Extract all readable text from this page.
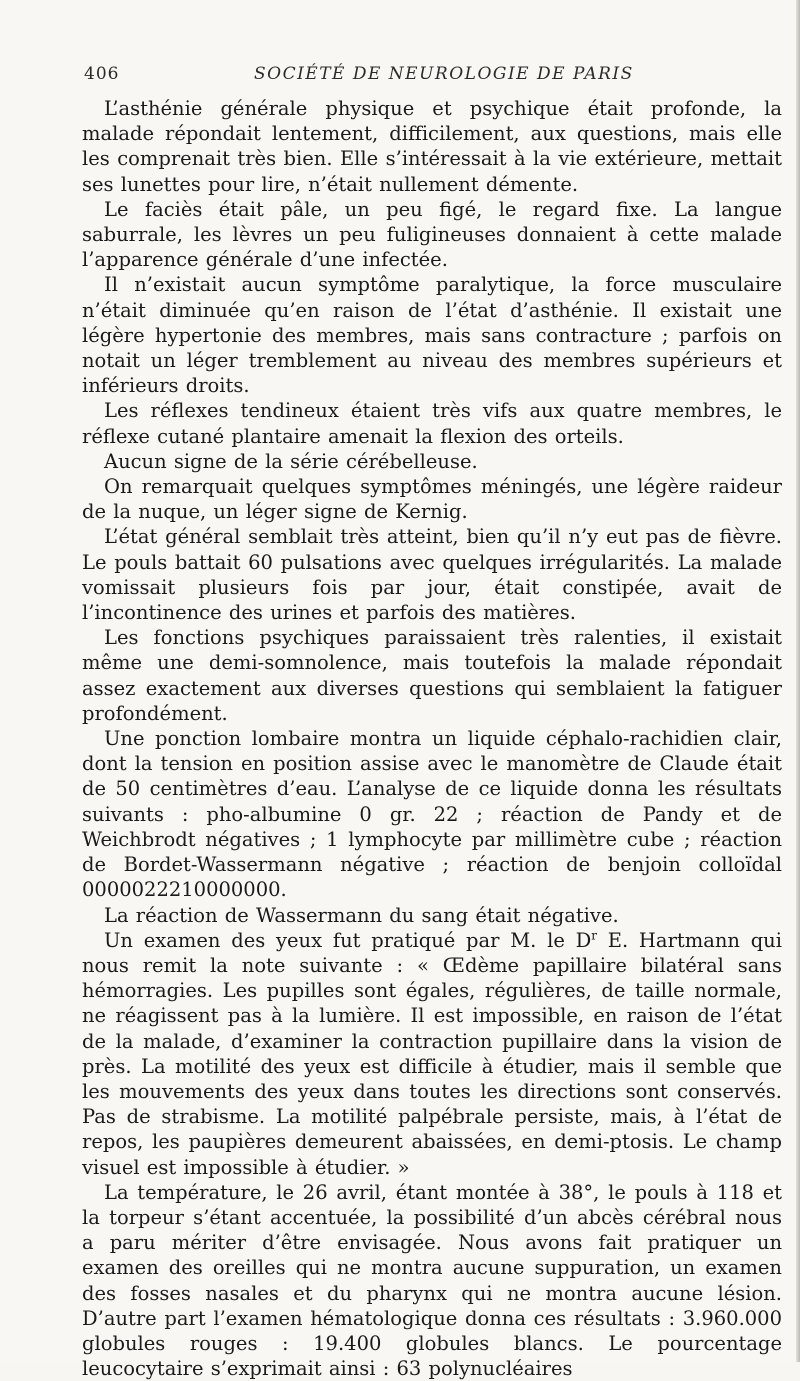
406	SOCIÉTÉ DE NEUROLOGIE DE PARIS

L’asthénie générale physique et psychique était profonde, la malade répondait lentement, difficilement, aux questions, mais elle les comprenait très bien. Elle s’intéressait à la vie extérieure, mettait ses lunettes pour lire, n’était nullement démente.

Le faciès était pâle, un peu figé, le regard fixe. La langue saburrale, les lèvres un peu fuligineuses donnaient à cette malade l’apparence générale d’une infectée.

Il n’existait aucun symptôme paralytique, la force musculaire n’était diminuée qu’en raison de l’état d’asthénie. Il existait une légère hypertonie des membres, mais sans contracture ; parfois on notait un léger tremblement au niveau des membres supérieurs et inférieurs droits.

Les réflexes tendineux étaient très vifs aux quatre membres, le réflexe cutané plantaire amenait la flexion des orteils.

Aucun signe de la série cérébelleuse.

On remarquait quelques symptômes méningés, une légère raideur de la nuque, un léger signe de Kernig.

L’état général semblait très atteint, bien qu’il n’y eut pas de fièvre. Le pouls battait 60 pulsations avec quelques irrégularités. La malade vomissait plusieurs fois par jour, était constipée, avait de l’incontinence des urines et parfois des matières.

Les fonctions psychiques paraissaient très ralenties, il existait même une demi-somnolence, mais toutefois la malade répondait assez exactement aux diverses questions qui semblaient la fatiguer profondément.

Une ponction lombaire montra un liquide céphalo-rachidien clair, dont la tension en position assise avec le manomètre de Claude était de 50 centimètres d’eau. L’analyse de ce liquide donna les résultats suivants : pho-albumine 0 gr. 22 ; réaction de Pandy et de Weichbrodt négatives ; 1 lymphocyte par millimètre cube ; réaction de Bordet-Wassermann négative ; réaction de benjoin colloïdal 0000022210000000.

La réaction de Wassermann du sang était négative.

Un examen des yeux fut pratiqué par M. le $D^r$ E. Hartmann qui nous remit la note suivante : « Œdème papillaire bilatéral sans hémorragies. Les pupilles sont égales, régulières, de taille normale, ne réagissent pas à la lumière. Il est impossible, en raison de l’état de la malade, d’examiner la contraction pupillaire dans la vision de près. La motilité des yeux est difficile à étudier, mais il semble que les mouvements des yeux dans toutes les directions sont conservés. Pas de strabisme. La motilité palpébrale persiste, mais, à l’état de repos, les paupières demeurent abaissées, en demi-ptosis. Le champ visuel est impossible à étudier. »

La température, le 26 avril, étant montée à 38°, le pouls à 118 et la torpeur s’étant accentuée, la possibilité d’un abcès cérébral nous a paru mériter d’être envisagée. Nous avons fait pratiquer un examen des oreilles qui ne montra aucune suppuration, un examen des fosses nasales et du pharynx qui ne montra aucune lésion. D’autre part l’examen hématologique donna ces résultats : 3.960.000 globules rouges : 19.400 globules blancs. Le pourcentage leucocytaire s’exprimait ainsi : 63 polynucléaires
